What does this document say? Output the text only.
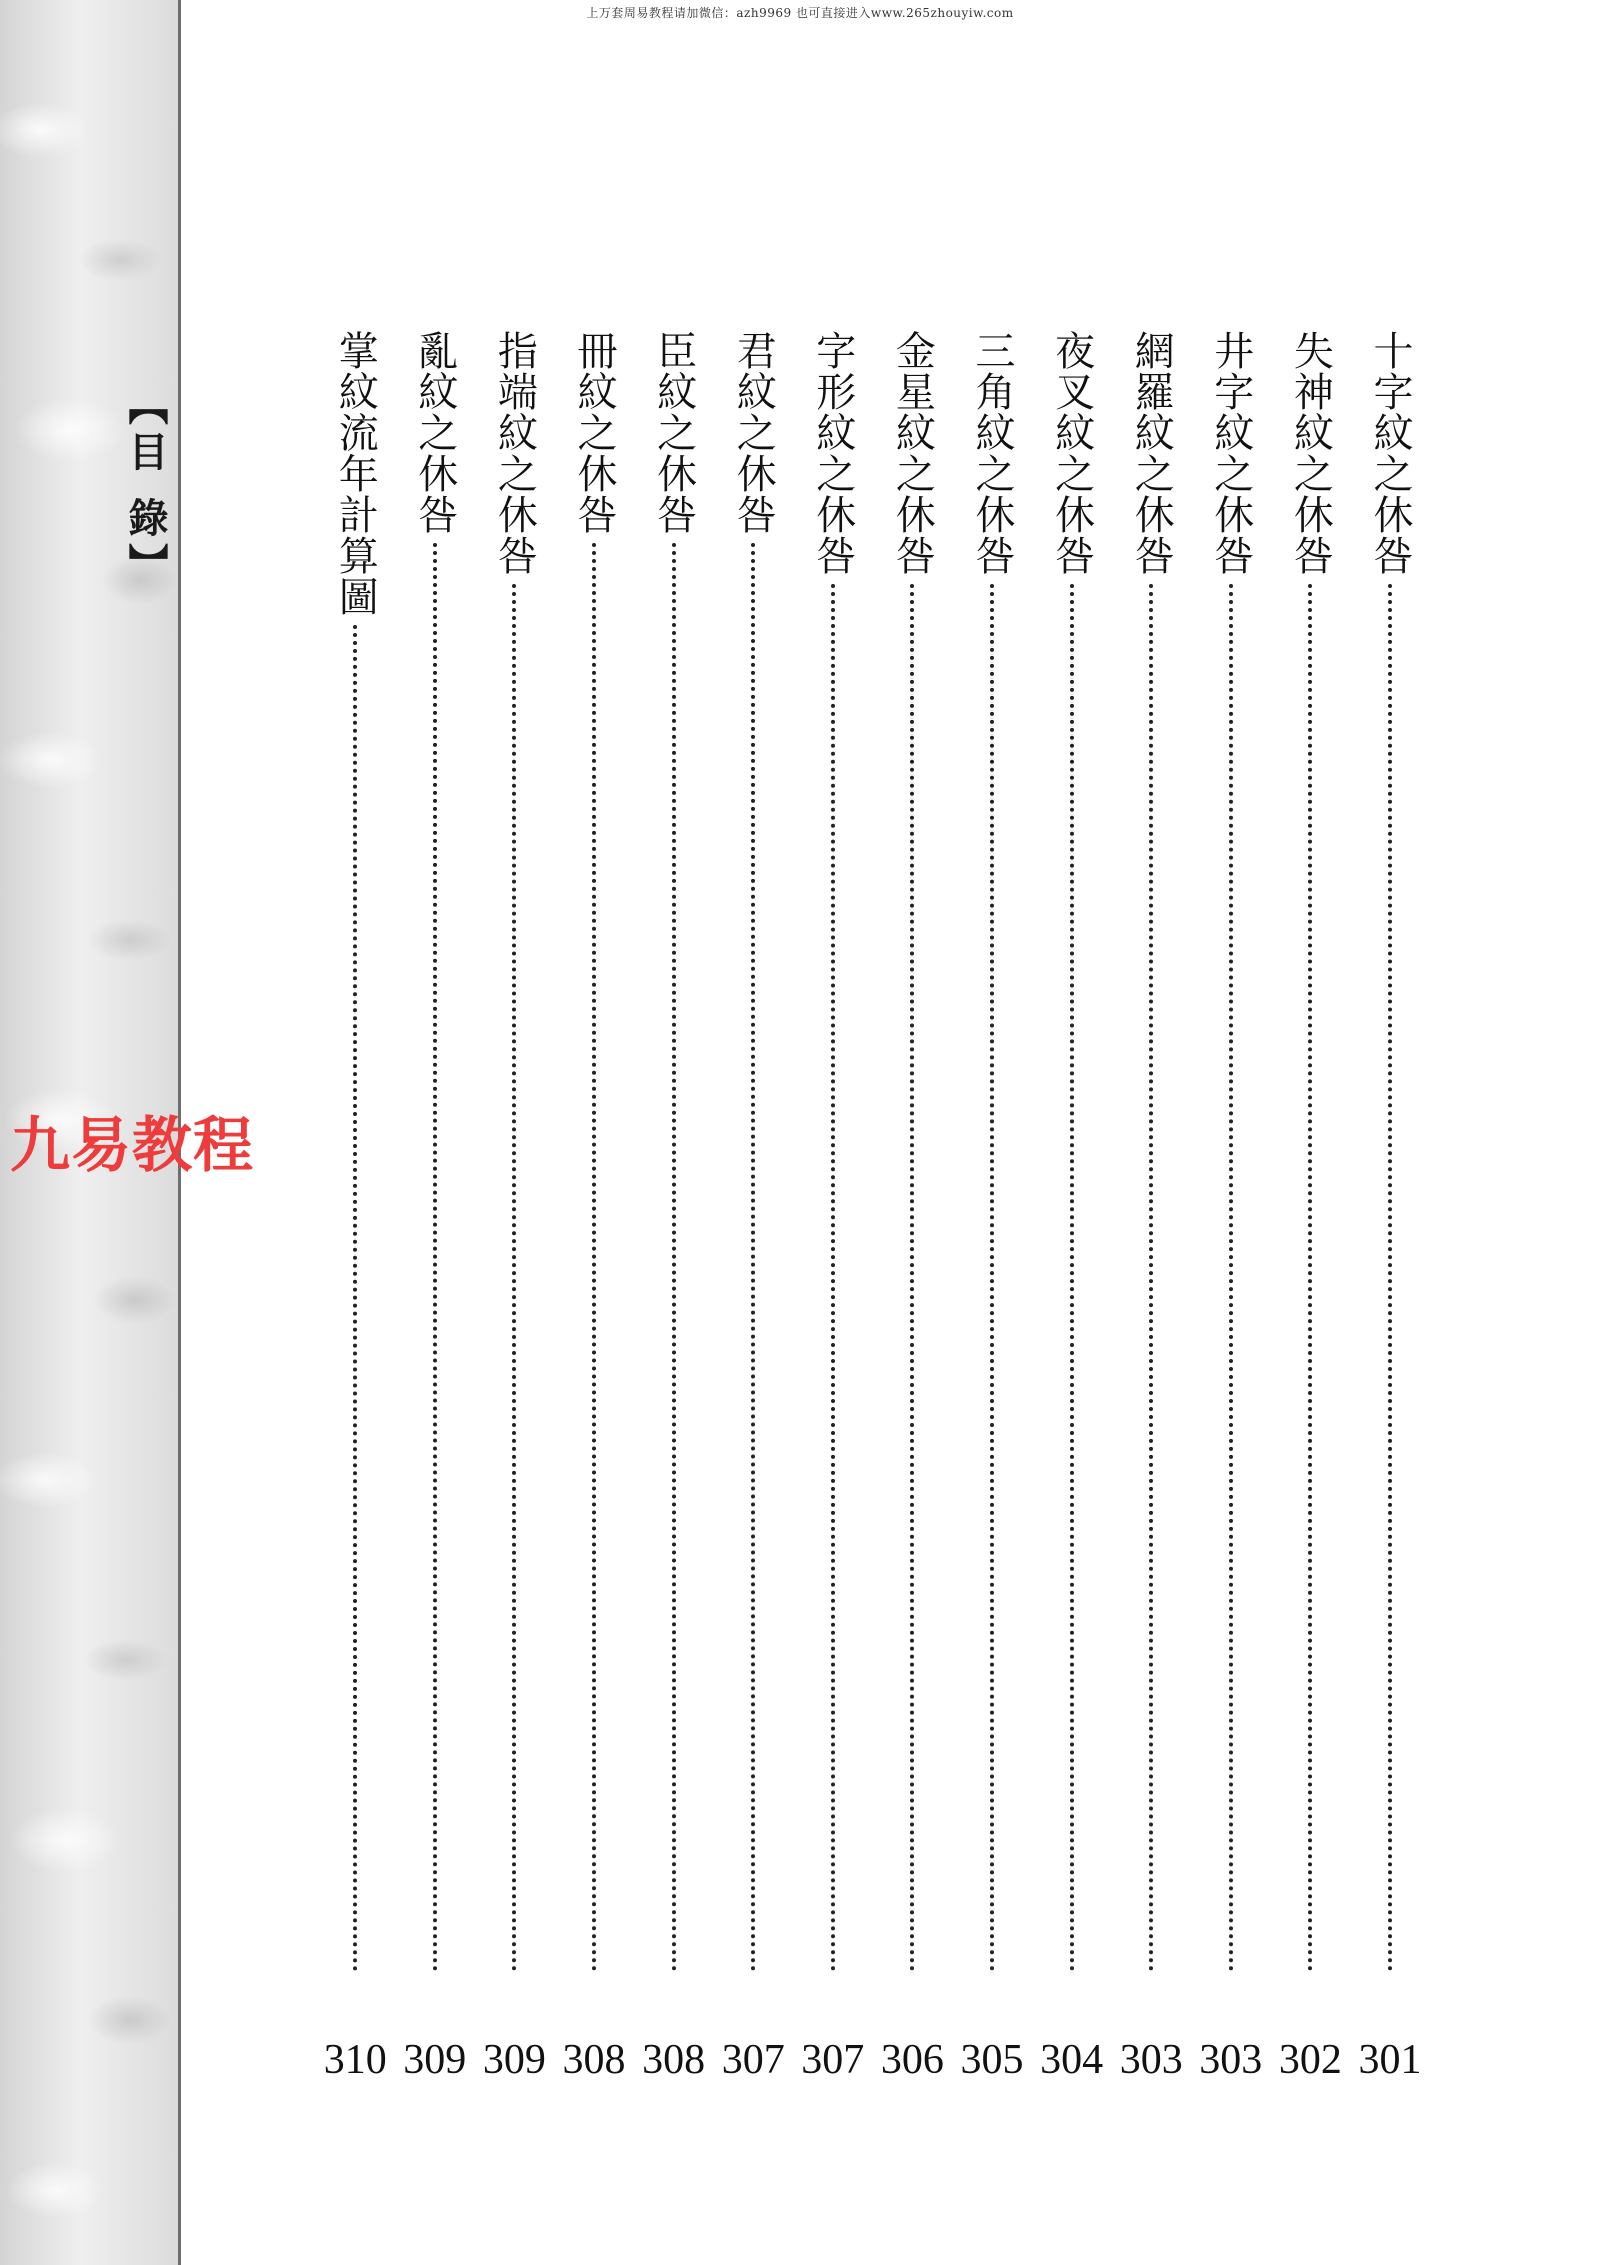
上万套周易教程请加微信：azh9969 也可直接进入www.265zhouyiw.com
【目 錄】
九易教程
十字紋之休咎
301
失神紋之休咎
302
井字紋之休咎
303
網羅紋之休咎
303
夜叉紋之休咎
304
三角紋之休咎
305
金星紋之休咎
306
字形紋之休咎
307
君紋之休咎
307
臣紋之休咎
308
冊紋之休咎
308
指端紋之休咎
309
亂紋之休咎
309
掌紋流年計算圖
310
